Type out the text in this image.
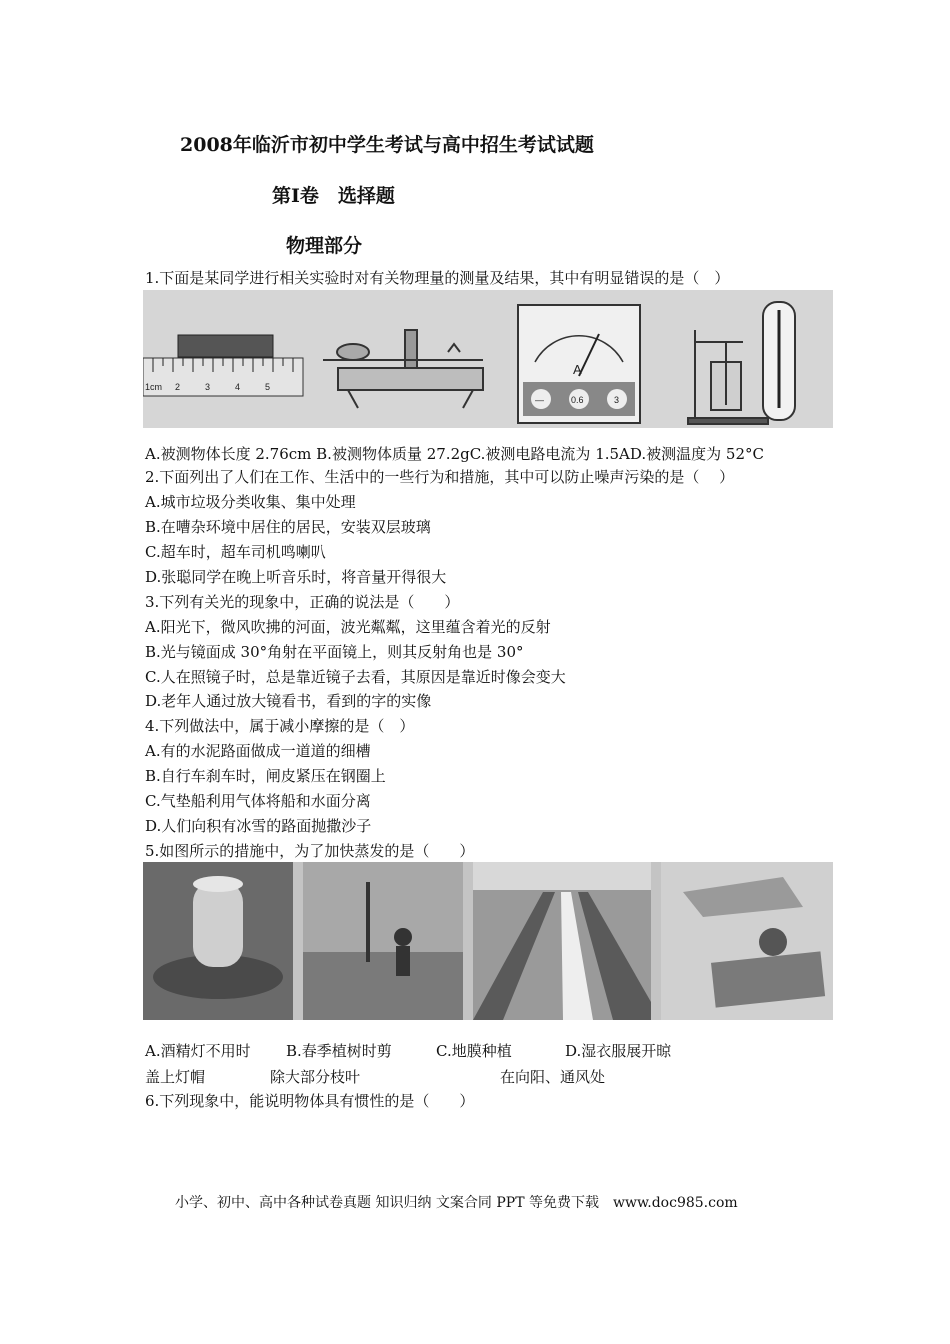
2008年临沂市初中学生考试与高中招生考试试题
第Ⅰ卷　选择题
物理部分
1.下面是某同学进行相关实验时对有关物理量的测量及结果，其中有明显错误的是（　）
1cm 2	3	4	5
A
—	0.6	3
A.被测物体长度 2.76cm B.被测物体质量 27.2gC.被测电路电流为 1.5AD.被测温度为 52°C
2.下面列出了人们在工作、生活中的一些行为和措施，其中可以防止噪声污染的是（　 ）
A.城市垃圾分类收集、集中处理
B.在嘈杂环境中居住的居民，安装双层玻璃
C.超车时，超车司机鸣喇叭
D.张聪同学在晚上听音乐时，将音量开得很大
3.下列有关光的现象中，正确的说法是（　　）
A.阳光下，微风吹拂的河面，波光粼粼，这里蕴含着光的反射
B.光与镜面成 30°角射在平面镜上，则其反射角也是 30°
C.人在照镜子时，总是靠近镜子去看，其原因是靠近时像会变大
D.老年人通过放大镜看书，看到的字的实像
4.下列做法中，属于减小摩擦的是（　）
A.有的水泥路面做成一道道的细槽
B.自行车刹车时，闸皮紧压在钢圈上
C.气垫船利用气体将船和水面分离
D.人们向积有冰雪的路面抛撒沙子
5.如图所示的措施中，为了加快蒸发的是（　　）
A.酒精灯不用时 B.春季植树时剪	C.地膜种植	D.湿衣服展开晾
盖上灯帽	除大部分枝叶	在向阳、通风处
6.下列现象中，能说明物体具有惯性的是（　　）
小学、初中、高中各种试卷真题 知识归纳 文案合同 PPT 等免费下载　www.doc985.com
